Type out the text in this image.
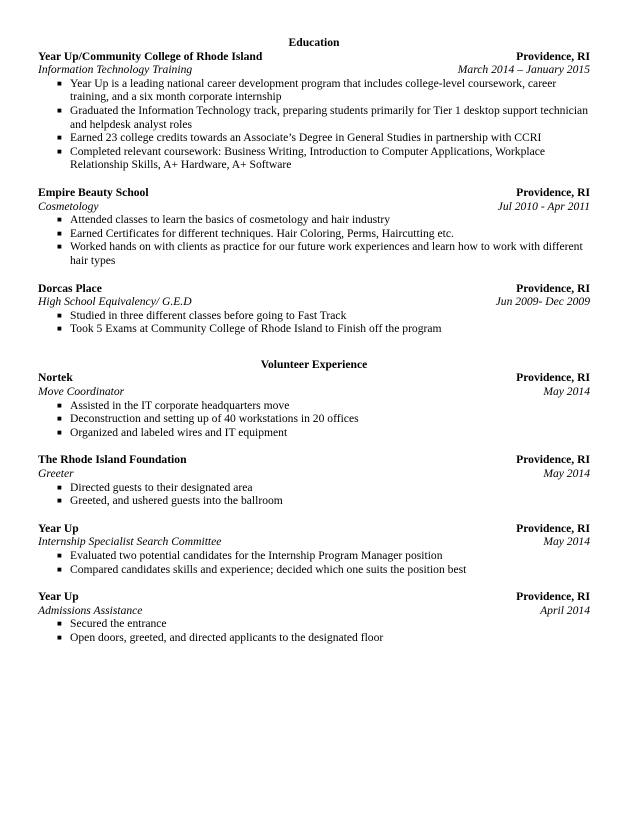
Education
Year Up/Community College of Rhode Island	Providence, RI
Information Technology Training	March 2014 – January 2015
■ Year Up is a leading national career development program that includes college-level coursework, career training, and a six month corporate internship
■ Graduated the Information Technology track, preparing students primarily for Tier 1 desktop support technician and helpdesk analyst roles
■ Earned 23 college credits towards an Associate’s Degree in General Studies in partnership with CCRI
■ Completed relevant coursework: Business Writing, Introduction to Computer Applications, Workplace Relationship Skills, A+ Hardware, A+ Software
Empire Beauty School	Providence, RI
Cosmetology	Jul 2010 - Apr 2011
■ Attended classes to learn the basics of cosmetology and hair industry
■ Earned Certificates for different techniques. Hair Coloring, Perms, Haircutting etc.
■ Worked hands on with clients as practice for our future work experiences and learn how to work with different hair types
Dorcas Place	Providence, RI
High School Equivalency/ G.E.D	Jun 2009- Dec 2009
■ Studied in three different classes before going to Fast Track
■ Took 5 Exams at Community College of Rhode Island to Finish off the program
Volunteer Experience
Nortek	Providence, RI
Move Coordinator	May 2014
■ Assisted in the IT corporate headquarters move
■ Deconstruction and setting up of 40 workstations in 20 offices
■ Organized and labeled wires and IT equipment
The Rhode Island Foundation	Providence, RI
Greeter	May 2014
■ Directed guests to their designated area
■ Greeted, and ushered guests into the ballroom
Year Up	Providence, RI
Internship Specialist Search Committee	May 2014
■ Evaluated two potential candidates for the Internship Program Manager position
■ Compared candidates skills and experience; decided which one suits the position best
Year Up	Providence, RI
Admissions Assistance	April 2014
■ Secured the entrance
■ Open doors, greeted, and directed applicants to the designated floor
